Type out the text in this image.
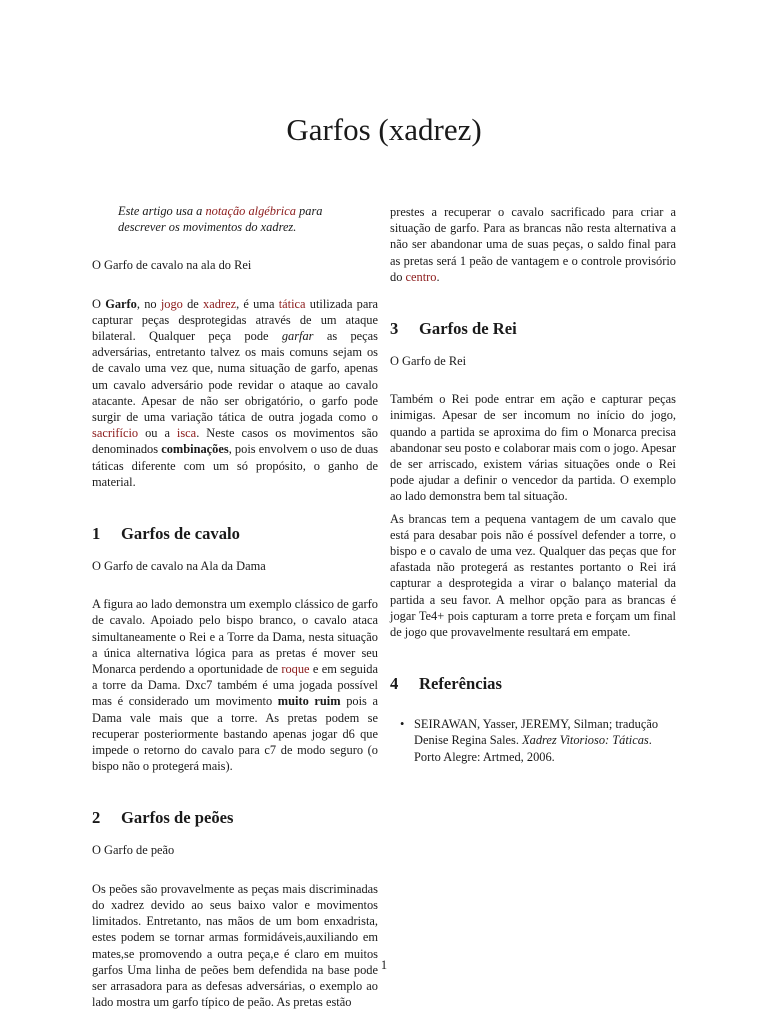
Garfos (xadrez)

Este artigo usa a notação algébrica para descrever os movimentos do xadrez.

O Garfo de cavalo na ala do Rei

O Garfo, no jogo de xadrez, é uma tática utilizada para capturar peças desprotegidas através de um ataque bilateral. Qualquer peça pode garfar as peças adversárias, entretanto talvez os mais comuns sejam os de cavalo uma vez que, numa situação de garfo, apenas um cavalo adversário pode revidar o ataque ao cavalo atacante. Apesar de não ser obrigatório, o garfo pode surgir de uma variação tática de outra jogada como o sacrifício ou a isca. Neste casos os movimentos são denominados combinações, pois envolvem o uso de duas táticas diferente com um só propósito, o ganho de material.

1 Garfos de cavalo

O Garfo de cavalo na Ala da Dama

A figura ao lado demonstra um exemplo clássico de garfo de cavalo. Apoiado pelo bispo branco, o cavalo ataca simultaneamente o Rei e a Torre da Dama, nesta situação a única alternativa lógica para as pretas é mover seu Monarca perdendo a oportunidade de roque e em seguida a torre da Dama. Dxc7 também é uma jogada possível mas é considerado um movimento muito ruim pois a Dama vale mais que a torre. As pretas podem se recuperar posteriormente bastando apenas jogar d6 que impede o retorno do cavalo para c7 de modo seguro (o bispo não o protegerá mais).

2 Garfos de peões

O Garfo de peão

Os peões são provavelmente as peças mais discriminadas do xadrez devido ao seus baixo valor e movimentos limitados. Entretanto, nas mãos de um bom enxadrista, estes podem se tornar armas formidáveis,auxiliando em mates,se promovendo a outra peça,e é claro em muitos garfos Uma linha de peões bem defendida na base pode ser arrasadora para as defesas adversárias, o exemplo ao lado mostra um garfo típico de peão. As pretas estão

prestes a recuperar o cavalo sacrificado para criar a situação de garfo. Para as brancas não resta alternativa a não ser abandonar uma de suas peças, o saldo final para as pretas será 1 peão de vantagem e o controle provisório do centro.

3 Garfos de Rei

O Garfo de Rei

Também o Rei pode entrar em ação e capturar peças inimigas. Apesar de ser incomum no início do jogo, quando a partida se aproxima do fim o Monarca precisa abandonar seu posto e colaborar mais com o jogo. Apesar de ser arriscado, existem várias situações onde o Rei pode ajudar a definir o vencedor da partida. O exemplo ao lado demonstra bem tal situação.

As brancas tem a pequena vantagem de um cavalo que está para desabar pois não é possível defender a torre, o bispo e o cavalo de uma vez. Qualquer das peças que for afastada não protegerá as restantes portanto o Rei irá capturar a desprotegida a virar o balanço material da partida a seu favor. A melhor opção para as brancas é jogar Te4+ pois capturam a torre preta e forçam um final de jogo que provavelmente resultará em empate.

4 Referências
• SEIRAWAN, Yasser, JEREMY, Silman; tradução Denise Regina Sales. Xadrez Vitorioso: Táticas. Porto Alegre: Artmed, 2006.
1
